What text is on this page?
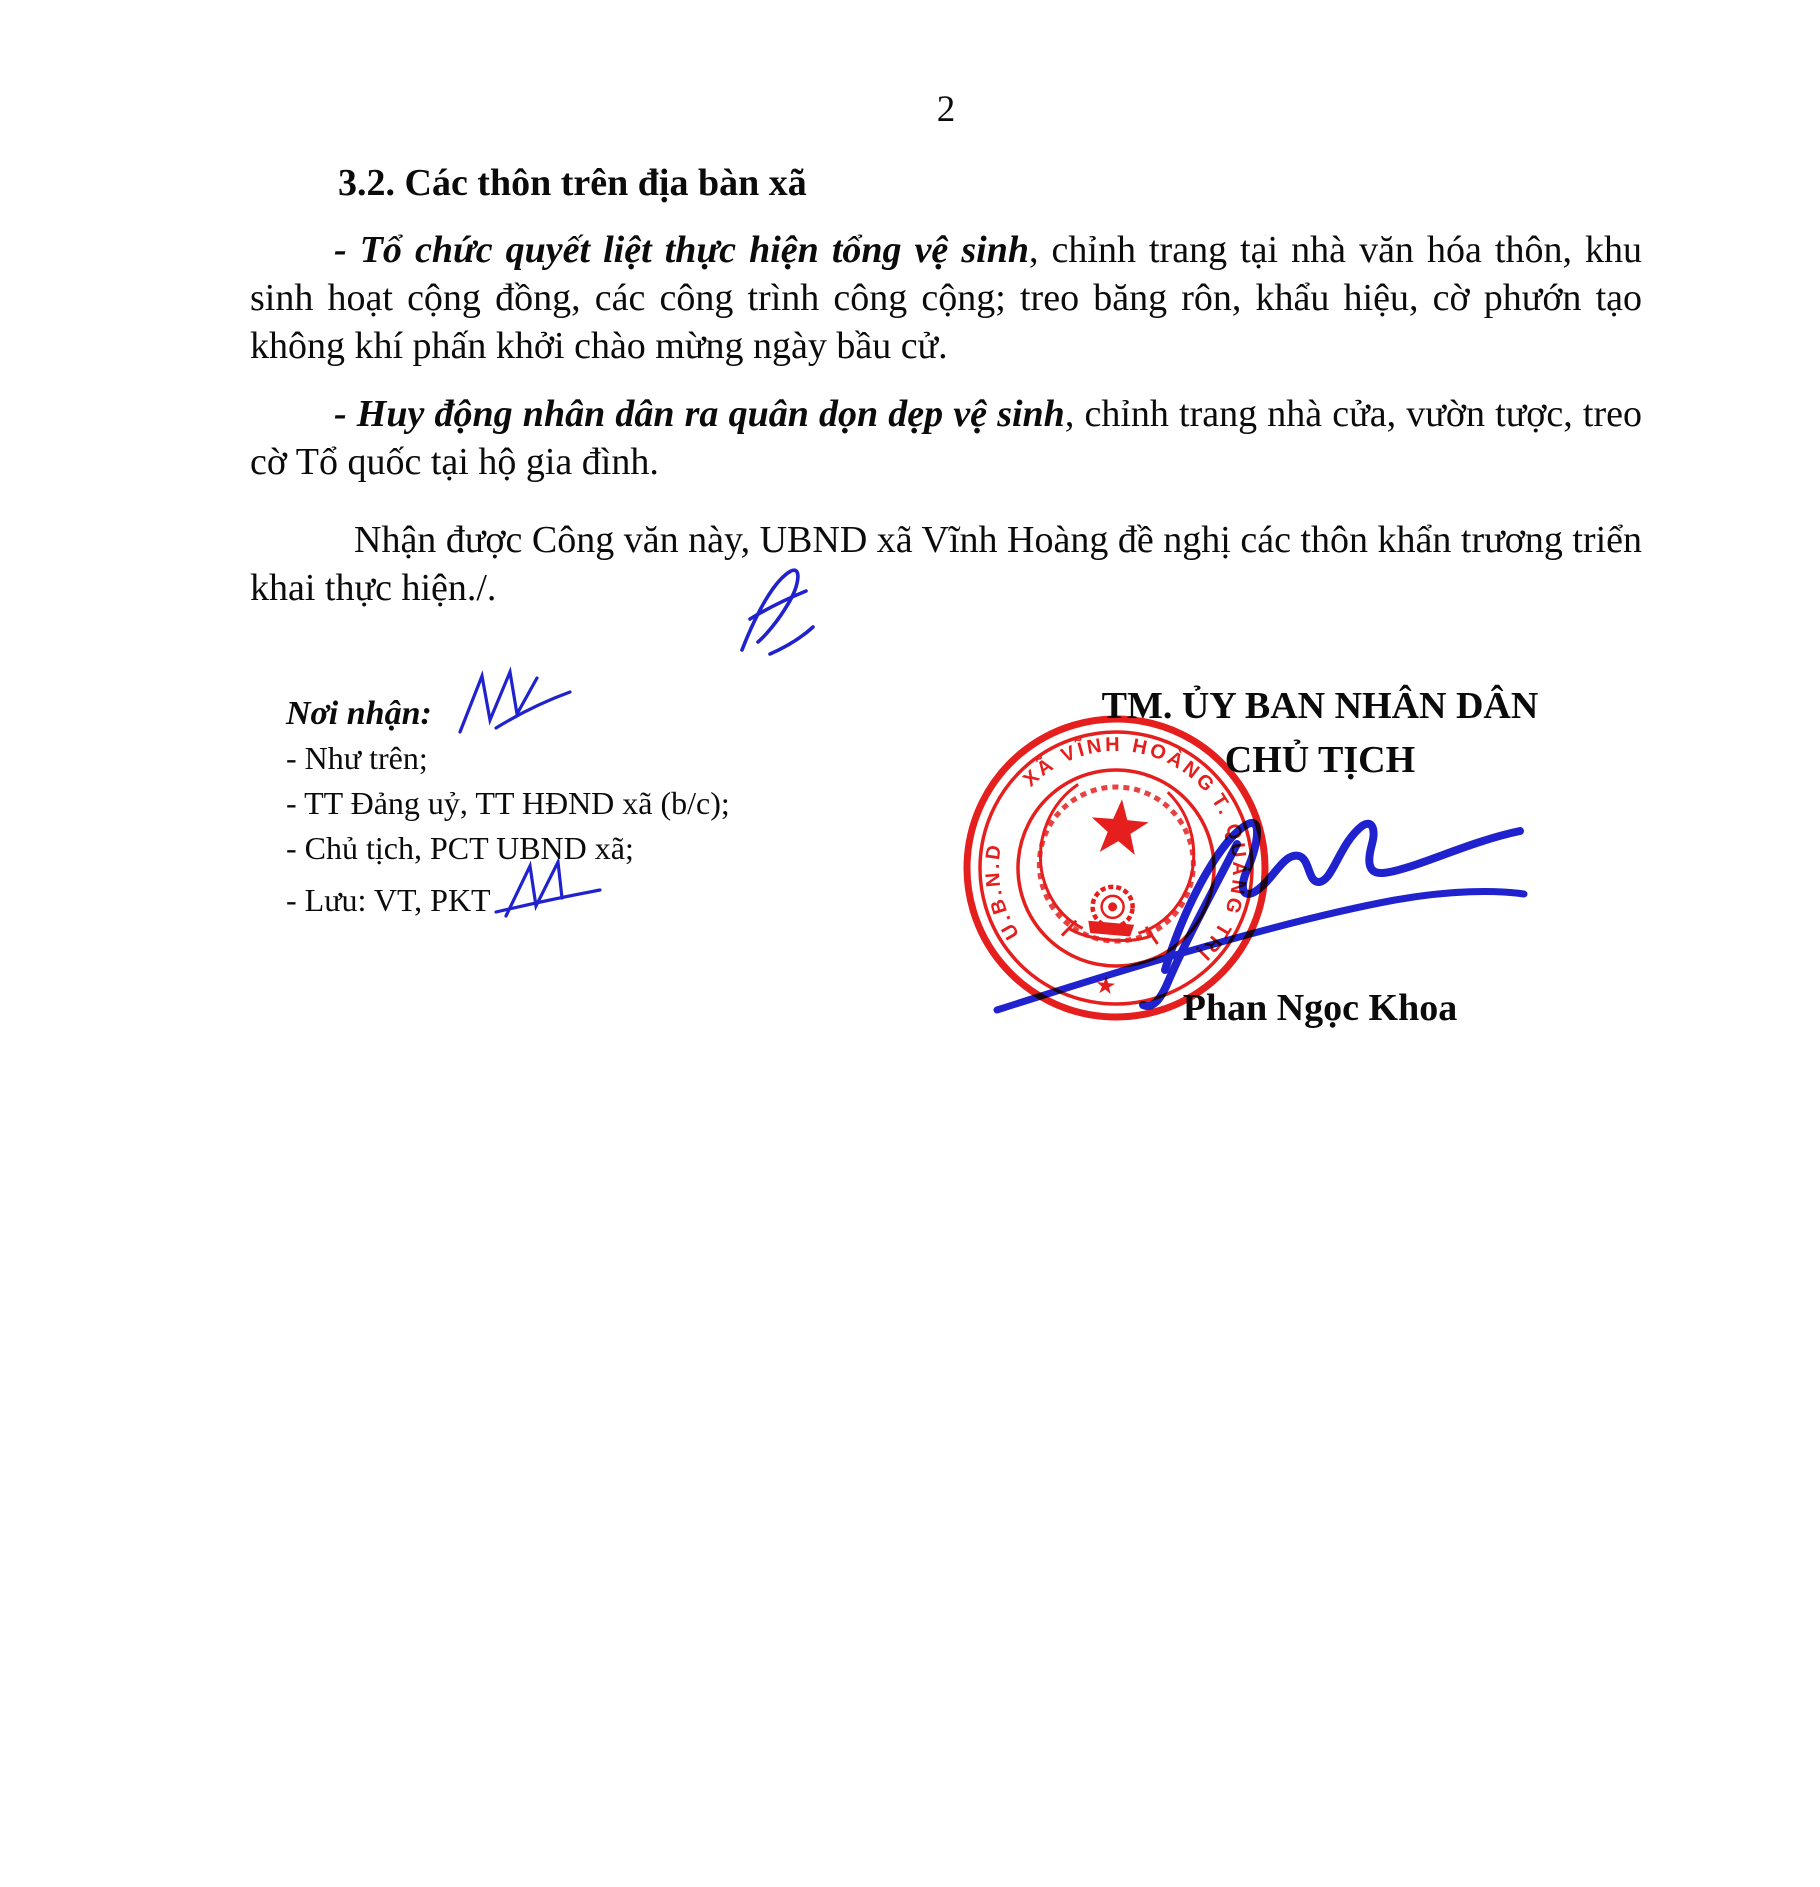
2
3.2. Các thôn trên địa bàn xã

- Tổ chức quyết liệt thực hiện tổng vệ sinh, chỉnh trang tại nhà văn hóa thôn, khu sinh hoạt cộng đồng, các công trình công cộng; treo băng rôn, khẩu hiệu, cờ phướn tạo không khí phấn khởi chào mừng ngày bầu cử.

- Huy động nhân dân ra quân dọn dẹp vệ sinh, chỉnh trang nhà cửa, vườn tược, treo cờ Tổ quốc tại hộ gia đình.

Nhận được Công văn này, UBND xã Vĩnh Hoàng đề nghị các thôn khẩn trương triển khai thực hiện./.

Nơi nhận:
- Như trên;
- TT Đảng uỷ, TT HĐND xã (b/c);
- Chủ tịch, PCT UBND xã;
- Lưu: VT, PKT
TM. ỦY BAN NHÂN DÂN
CHỦ TỊCH
Phan Ngọc Khoa
U.B.N.D
XÃ VĨNH HOÀNG
T. QUẢNG TRỊ
★
